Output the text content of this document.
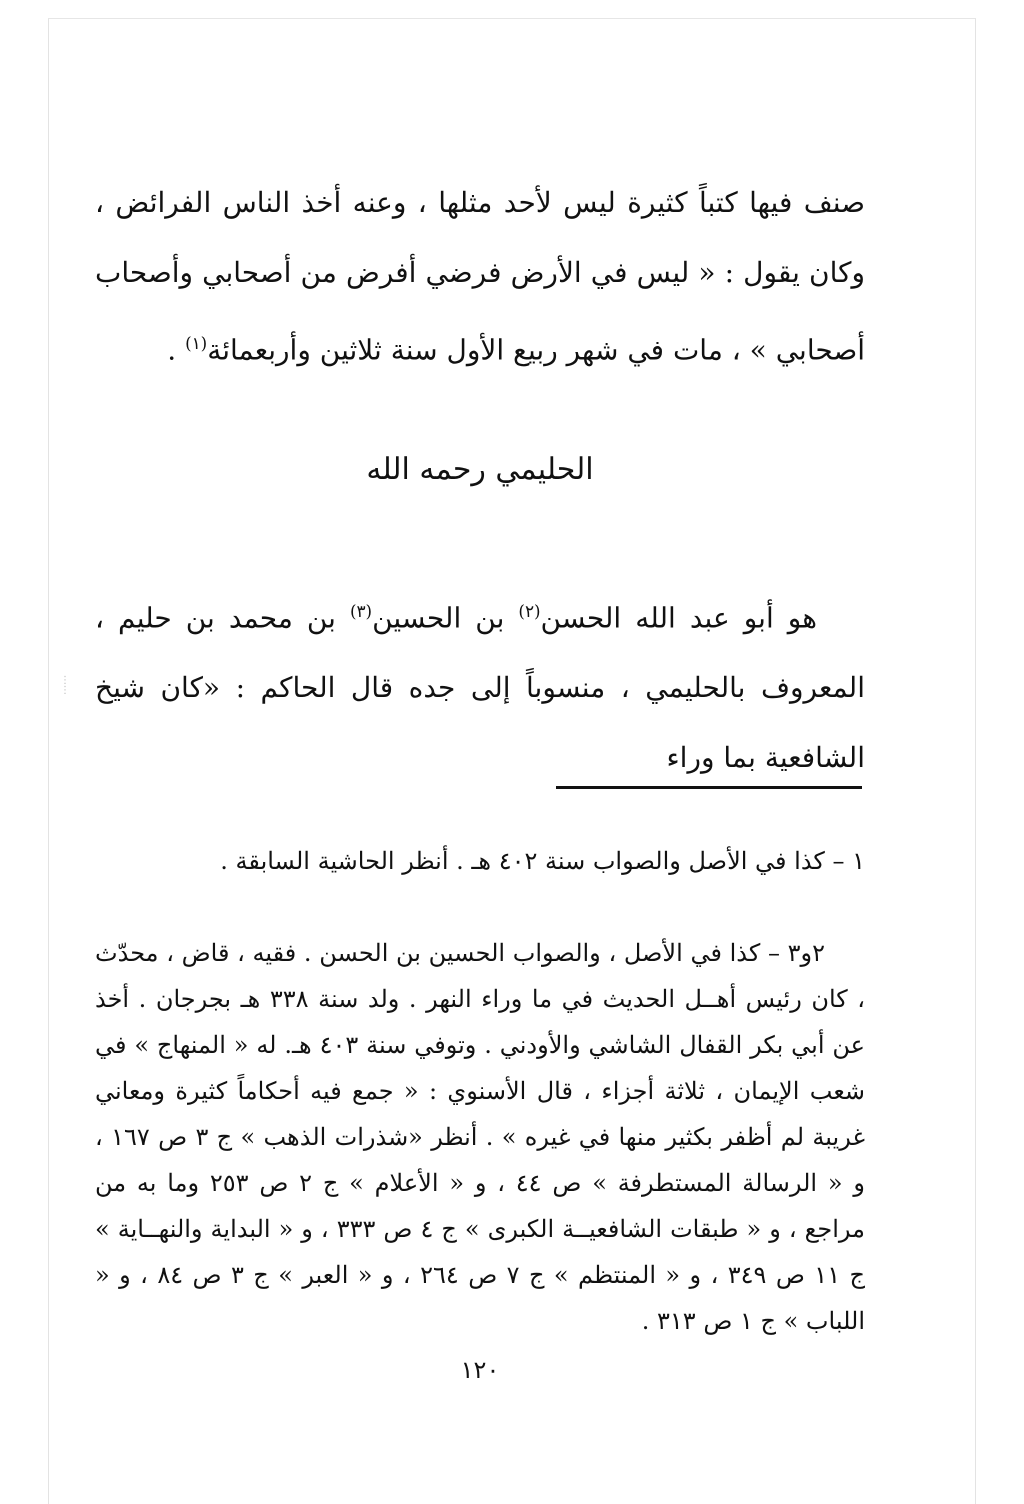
صنف فيها كتباً كثيرة ليس لأحد مثلها ، وعنه أخذ الناس الفرائض ، وكان يقول : « ليس في الأرض فرضي أفرض من أصحابي وأصحاب أصحابي » ، مات في شهر ربيع الأول سنة ثلاثين وأربعمائة$^{(١)}$ .
الحليمي رحمه الله
هو أبو عبد الله الحسن$^{(٢)}$ بن الحسين$^{(٣)}$ بن محمد بن حليم ، المعروف بالحليمي ، منسوباً إلى جده قال الحاكم : «كان شيخ الشافعية بما وراء
⋮
⋮
١ – كذا في الأصل والصواب سنة ٤٠٢ هـ . أنظر الحاشية السابقة .
٢و٣ – كذا في الأصل ، والصواب الحسين بن الحسن . فقيه ، قاض ، محدّث ، كان رئيس أهــل الحديث في ما وراء النهر . ولد سنة ٣٣٨ هـ بجرجان . أخذ عن أبي بكر القفال الشاشي والأودني . وتوفي سنة ٤٠٣ هـ. له « المنهاج » في شعب الإيمان ، ثلاثة أجزاء ، قال الأسنوي : « جمع فيه أحكاماً كثيرة ومعاني غريبة لم أظفر بكثير منها في غيره » . أنظر «شذرات الذهب » ج ٣ ص ١٦٧ ، و « الرسالة المستطرفة » ص ٤٤ ، و « الأعلام » ج ٢ ص ٢٥٣ وما به من مراجع ، و « طبقات الشافعيــة الكبرى » ج ٤ ص ٣٣٣ ، و « البداية والنهــاية » ج ١١ ص ٣٤٩ ، و « المنتظم » ج ٧ ص ٢٦٤ ، و « العبر » ج ٣ ص ٨٤ ، و « اللباب » ج ١ ص ٣١٣ .
١٢٠
